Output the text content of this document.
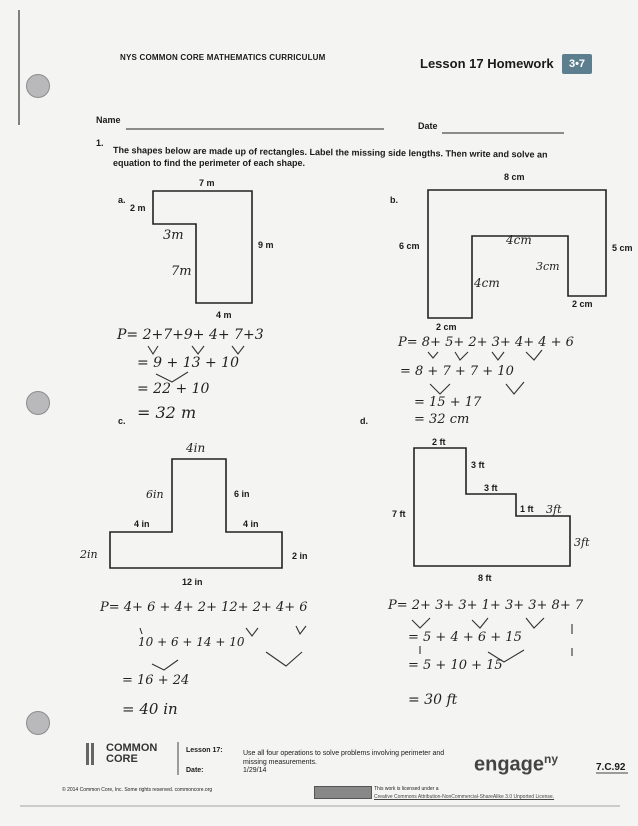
NYS COMMON CORE MATHEMATICS CURRICULUM	Lesson 17 Homework	3•7
Name
Date
1.
The shapes below are made up of rectangles. Label the missing side lengths. Then write and solve an
equation to find the perimeter of each shape.
a.
7 m
2 m
9 m
4 m
3m
7m
P= 2+7+9+ 4+ 7+3
= 9 + 13 + 10
= 22 + 10
= 32 m
b.
8 cm
6 cm	5 cm
2 cm
2 cm
4cm
4cm
3cm
P= 8+ 5+ 2+ 3+ 4+ 4 + 6
= 8 + 7 + 7 + 10
= 15 + 17
= 32 cm
c.
4in
6in	6 in
4 in	4 in
2in	2 in
12 in
P= 4+ 6 + 4+ 2+ 12+ 2+ 4+ 6
10 + 6 + 14 + 10
= 16 + 24
= 40 in
d.
2 ft
3 ft
3 ft
7 ft	1 ft 3ft
3ft
8 ft
P= 2+ 3+ 3+ 1+ 3+ 3+ 8+ 7
= 5 + 4 + 6 + 15
= 5 + 10 + 15
= 30 ft
COMMON CORE
Lesson 17:
Date:
Use all four operations to solve problems involving perimeter and missing measurements.
1/29/14	engage$^{ny}$
7.C.92
© 2014 Common Core, Inc. Some rights reserved. commoncore.org	This work is licensed under a
Creative Commons Attribution-NonCommercial-ShareAlike 3.0 Unported License.
